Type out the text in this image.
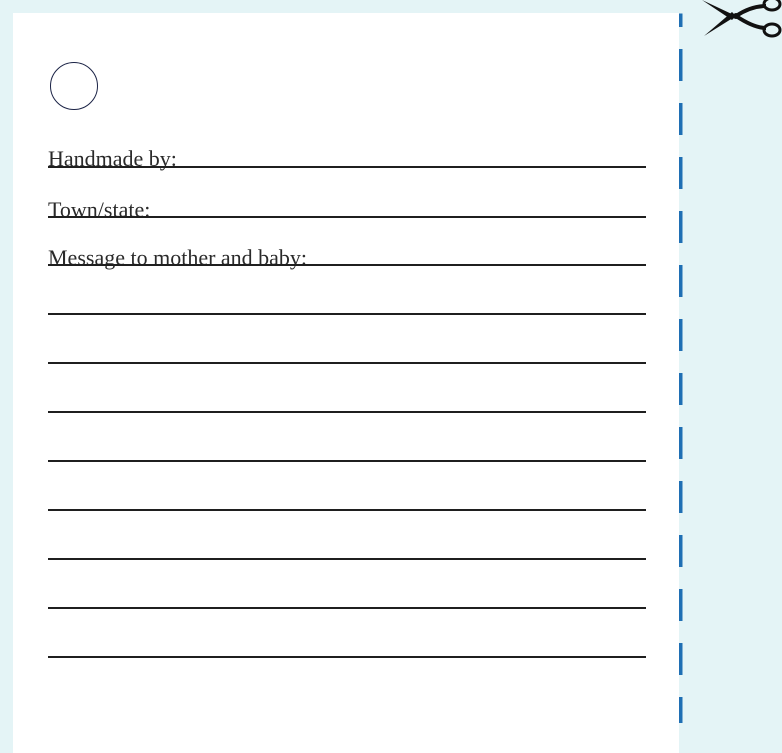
Handmade by:
Town/state:
Message to mother and baby:
